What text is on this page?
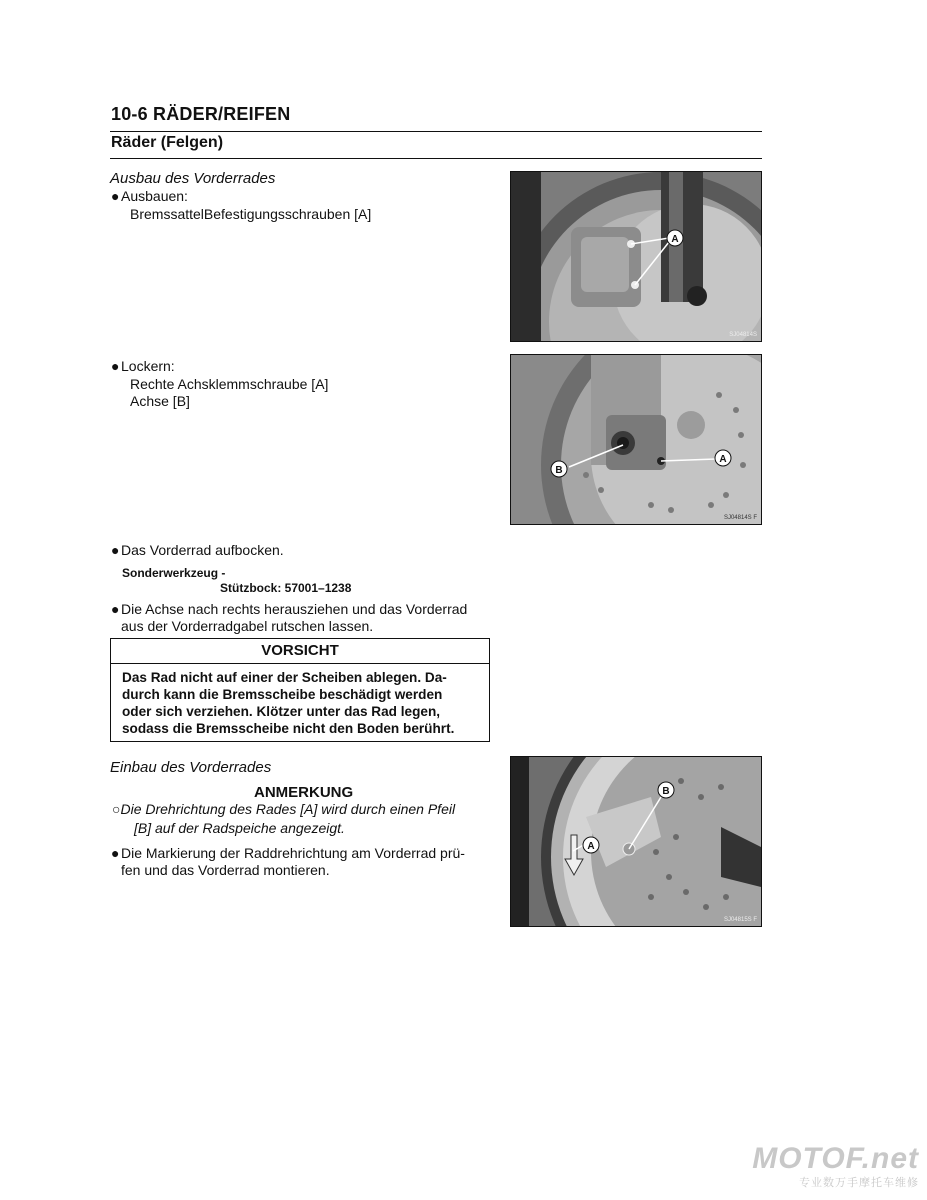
10-6 RÄDER/REIFEN
Räder (Felgen)
Ausbau des Vorderrades
● Ausbauen:
BremssattelBefestigungsschrauben [A]
● Lockern:
Rechte Achsklemmschraube [A]
Achse [B]
● Das Vorderrad aufbocken.
Sonderwerkzeug -
Stützbock: 57001–1238
● Die Achse nach rechts herausziehen und das Vorderrad
aus der Vorderradgabel rutschen lassen.
VORSICHT
Das Rad nicht auf einer der Scheiben ablegen. Da-
durch kann die Bremsscheibe beschädigt werden
oder sich verziehen. Klötzer unter das Rad legen,
sodass die Bremsscheibe nicht den Boden berührt.
Einbau des Vorderrades
ANMERKUNG
○Die Drehrichtung des Rades [A] wird durch einen Pfeil
[B] auf der Radspeiche angezeigt.
● Die Markierung der Raddrehrichtung am Vorderrad prü-
fen und das Vorderrad montieren.
A
SJ04814S
B
A
SJ04814S F
B
A
SJ04815S F
MOTOF.net
专业数万手摩托车维修
